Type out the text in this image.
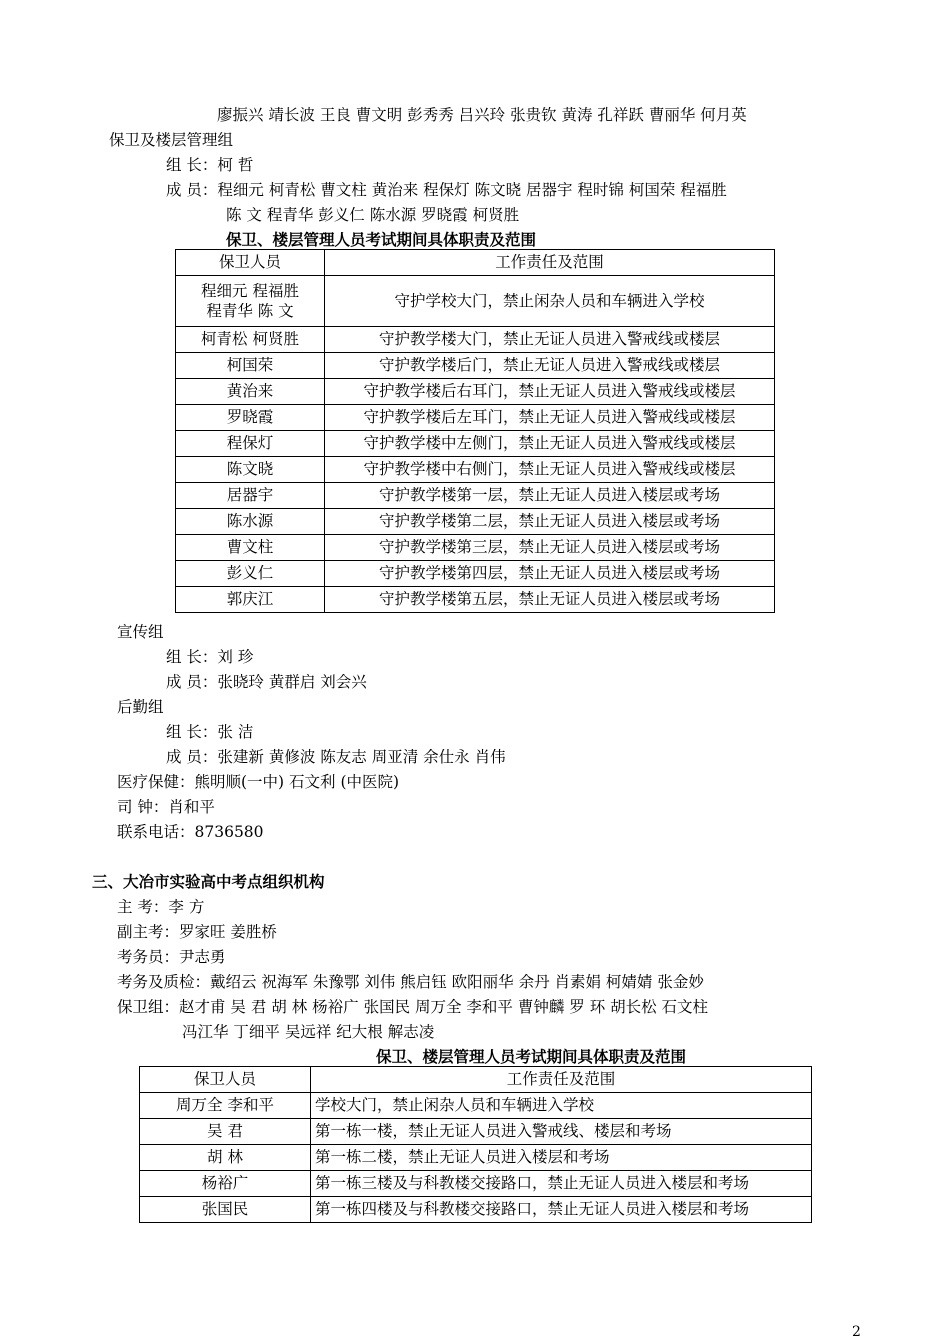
廖振兴 靖长波 王良 曹文明 彭秀秀 吕兴玲 张贵钦 黄涛 孔祥跃 曹丽华 何月英
保卫及楼层管理组
组 长：柯 哲
成 员：程细元 柯青松 曹文柱 黄治来 程保灯 陈文晓 居器宇 程时锦 柯国荣 程福胜
陈 文 程青华 彭义仁 陈水源 罗晓霞 柯贤胜
保卫、楼层管理人员考试期间具体职责及范围
保卫人员	工作责任及范围

程细元 程福胜
程青华 陈 文	守护学校大门，禁止闲杂人员和车辆进入学校
柯青松 柯贤胜	守护教学楼大门，禁止无证人员进入警戒线或楼层
柯国荣	守护教学楼后门，禁止无证人员进入警戒线或楼层
黄治来	守护教学楼后右耳门，禁止无证人员进入警戒线或楼层
罗晓霞	守护教学楼后左耳门，禁止无证人员进入警戒线或楼层
程保灯	守护教学楼中左侧门，禁止无证人员进入警戒线或楼层
陈文晓	守护教学楼中右侧门，禁止无证人员进入警戒线或楼层
居器宇	守护教学楼第一层，禁止无证人员进入楼层或考场
陈水源	守护教学楼第二层，禁止无证人员进入楼层或考场
曹文柱	守护教学楼第三层，禁止无证人员进入楼层或考场
彭义仁	守护教学楼第四层，禁止无证人员进入楼层或考场
郭庆江	守护教学楼第五层，禁止无证人员进入楼层或考场
宣传组
组 长：刘 珍
成 员：张晓玲 黄群启 刘会兴
后勤组
组 长：张 洁
成 员：张建新 黄修波 陈友志 周亚清 余仕永 肖伟
医疗保健：熊明顺(一中) 石文利 (中医院)
司 钟：肖和平
联系电话：8736580
三、大冶市实验高中考点组织机构
主 考：李 方
副主考：罗家旺 姜胜桥
考务员：尹志勇
考务及质检：戴绍云 祝海军 朱豫鄂 刘伟 熊启钰 欧阳丽华 余丹 肖素娟 柯婧婧 张金妙
保卫组：赵才甫 吴 君 胡 林 杨裕广 张国民 周万全 李和平 曹钟麟 罗 环 胡长松 石文柱
冯江华 丁细平 吴远祥 纪大根 解志凌
保卫、楼层管理人员考试期间具体职责及范围
保卫人员	工作责任及范围
周万全 李和平	学校大门，禁止闲杂人员和车辆进入学校
吴 君	第一栋一楼，禁止无证人员进入警戒线、楼层和考场
胡 林	第一栋二楼，禁止无证人员进入楼层和考场
杨裕广	第一栋三楼及与科教楼交接路口，禁止无证人员进入楼层和考场
张国民	第一栋四楼及与科教楼交接路口，禁止无证人员进入楼层和考场
2
